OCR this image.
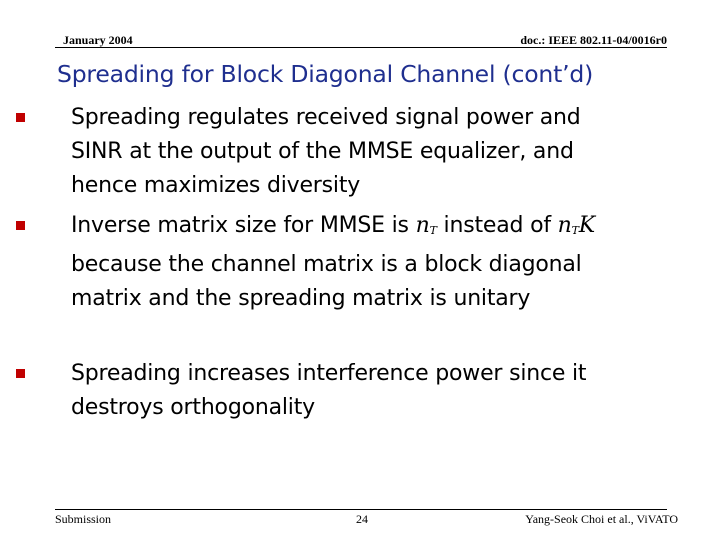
January 2004	doc.: IEEE 802.11-04/0016r0
Spreading for Block Diagonal Channel (cont’d)
Spreading regulates received signal power and
SINR at the output of the MMSE equalizer, and
hence maximizes diversity
Inverse matrix size for MMSE is $n_T$ instead of $n_TK$
because the channel matrix is a block diagonal
matrix and the spreading matrix is unitary
Spreading increases interference power since it
destroys orthogonality
Submission	24	Yang-Seok Choi et al., ViVATO
